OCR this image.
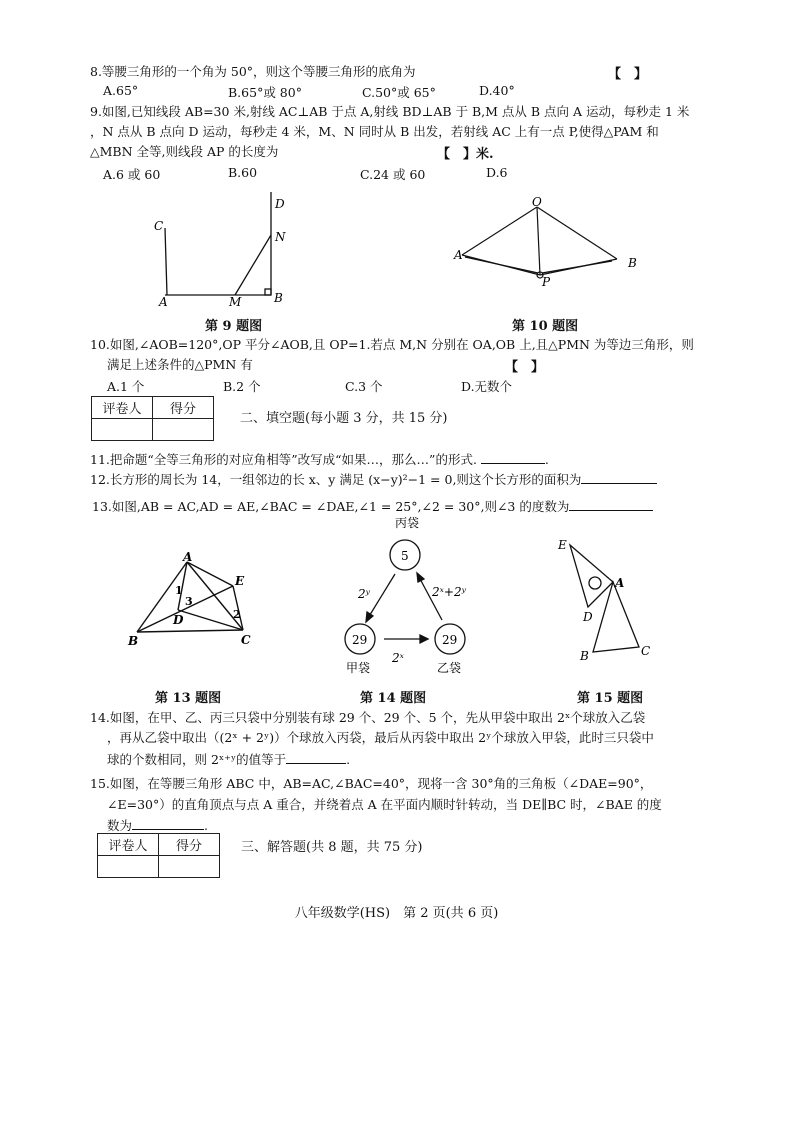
8.等腰三角形的一个角为 50°，则这个等腰三角形的底角为	【　】
A.65°	B.65°或 80°	C.50°或 65°	D.40°
9.如图,已知线段 AB=30 米,射线 AC⊥AB 于点 A,射线 BD⊥AB 于 B,M 点从 B 点向 A 运动，每秒走 1 米
，N 点从 B 点向 D 运动，每秒走 4 米，M、N 同时从 B 出发，若射线 AC 上有一点 P,使得△PAM 和
△MBN 全等,则线段 AP 的长度为	【　】米.
A.6 或 60	B.60	C.24 或 60	D.6
C
D
N
A	M	B
第 9 题图
O
A
B
P
第 10 题图
10.如图,∠AOB=120°,OP 平分∠AOB,且 OP=1.若点 M,N 分别在 OA,OB 上,且△PMN 为等边三角形，则
满足上述条件的△PMN 有	【　】
A.1 个	B.2 个	C.3 个	D.无数个
评卷人	得分

二、填空题(每小题 3 分，共 15 分)
11.把命题“全等三角形的对应角相等”改写成“如果…，那么…”的形式.	.
12.长方形的周长为 14，一组邻边的长 x、y 满足 (x−y)²−1 = 0,则这个长方形的面积为
13.如图,AB = AC,AD = AE,∠BAC = ∠DAE,∠1 = 25°,∠2 = 30°,则∠3 的度数为
A
E
B	C
D
1
2
3
第 13 题图
丙袋
5
29
甲袋
29
乙袋
2ʸ	2ˣ+2ʸ
2ˣ
第 14 题图
E
A
D
B	C
第 15 题图
14.如图，在甲、乙、丙三只袋中分别装有球 29 个、29 个、5 个，先从甲袋中取出 2ˣ个球放入乙袋
，再从乙袋中取出（(2ˣ + 2ʸ)）个球放入丙袋，最后从丙袋中取出 2ʸ个球放入甲袋，此时三只袋中
球的个数相同，则 2ˣ⁺ʸ的值等于	.
15.如图，在等腰三角形 ABC 中，AB=AC,∠BAC=40°，现将一含 30°角的三角板（∠DAE=90°，
∠E=30°）的直角顶点与点 A 重合，并绕着点 A 在平面内顺时针转动，当 DE∥BC 时，∠BAE 的度
数为	.
评卷人	得分
		三、解答题(共 8 题，共 75 分)
八年级数学(HS)　第 2 页(共 6 页)
